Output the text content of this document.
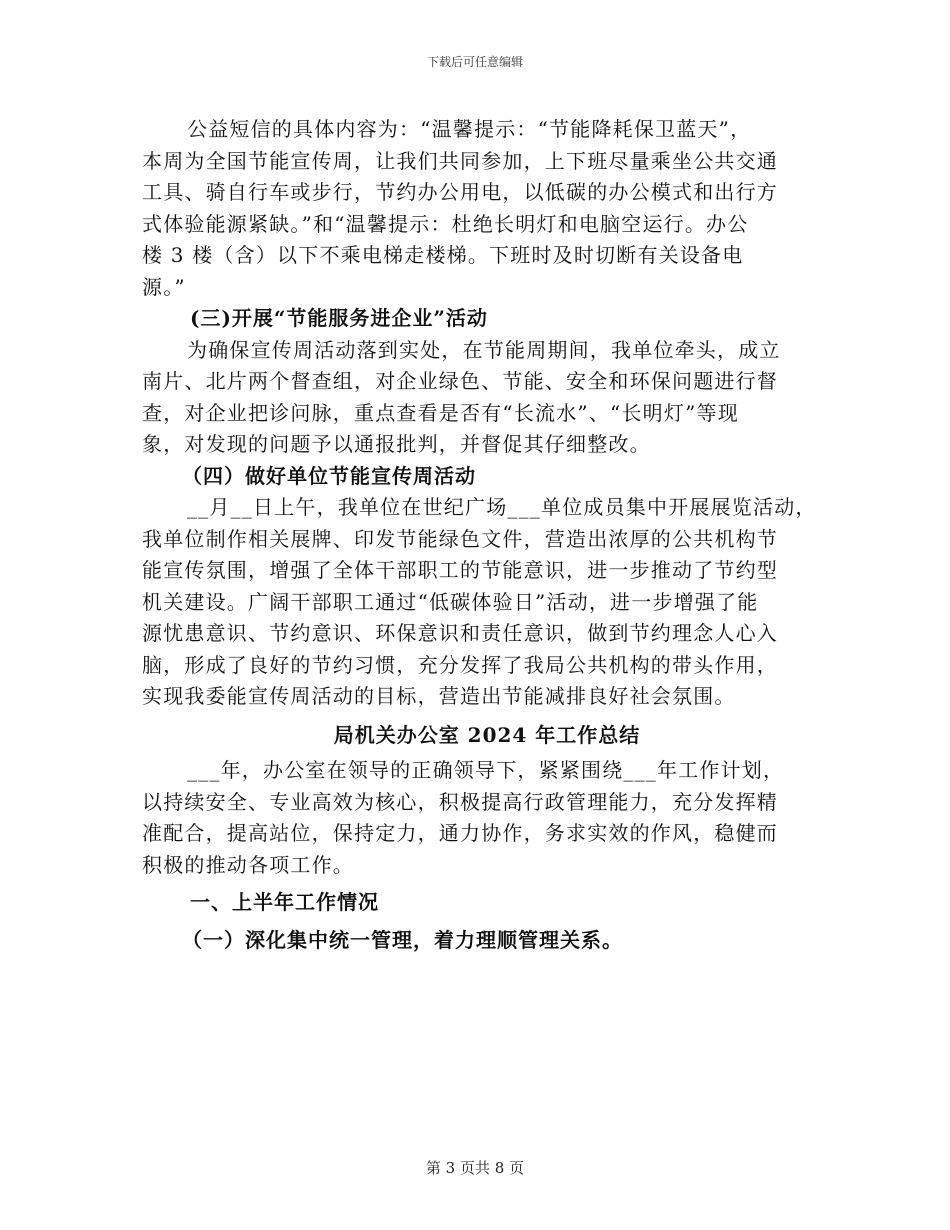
下载后可任意编辑
公益短信的具体内容为：“温馨提示：“节能降耗保卫蓝天”，
本周为全国节能宣传周，让我们共同参加，上下班尽量乘坐公共交通
工具、骑自行车或步行，节约办公用电，以低碳的办公模式和出行方
式体验能源紧缺。”和“温馨提示：杜绝长明灯和电脑空运行。办公
楼 3 楼（含）以下不乘电梯走楼梯。下班时及时切断有关设备电
源。”
(三)开展“节能服务进企业”活动
为确保宣传周活动落到实处，在节能周期间，我单位牵头，成立
南片、北片两个督查组，对企业绿色、节能、安全和环保问题进行督
查，对企业把诊问脉，重点查看是否有“长流水”、“长明灯”等现
象，对发现的问题予以通报批判，并督促其仔细整改。
（四）做好单位节能宣传周活动
__月__日上午，我单位在世纪广场___单位成员集中开展展览活动，
我单位制作相关展牌、印发节能绿色文件，营造出浓厚的公共机构节
能宣传氛围，增强了全体干部职工的节能意识，进一步推动了节约型
机关建设。广阔干部职工通过“低碳体验日”活动，进一步增强了能
源忧患意识、节约意识、环保意识和责任意识，做到节约理念人心入
脑，形成了良好的节约习惯，充分发挥了我局公共机构的带头作用，
实现我委能宣传周活动的目标，营造出节能减排良好社会氛围。
局机关办公室 2024 年工作总结
___年，办公室在领导的正确领导下，紧紧围绕___年工作计划，
以持续安全、专业高效为核心，积极提高行政管理能力，充分发挥精
准配合，提高站位，保持定力，通力协作，务求实效的作风，稳健而
积极的推动各项工作。
一、上半年工作情况
（一）深化集中统一管理，着力理顺管理关系。
第 3 页共 8 页
